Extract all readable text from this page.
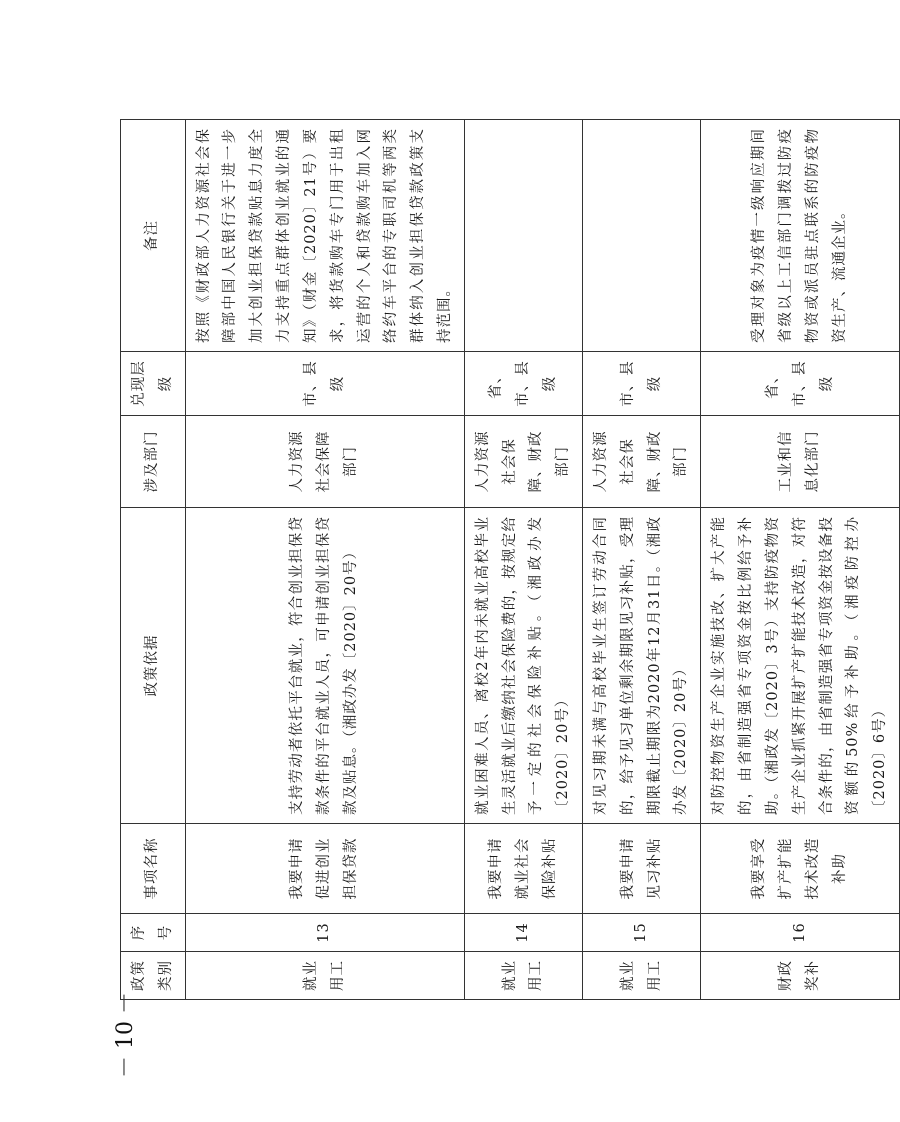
－ 10 －
政策类别	序号	事项名称	政策依据	涉及部门	兑现层级	备注
就业用工	13	我要申请促进创业担保贷款	支持劳动者依托平台就业，符合创业担保贷款条件的平台就业人员，可申请创业担保贷款及贴息。（湘政办发〔2020〕20号）	人力资源社会保障部门	市、县级	按照《财政部人力资源社会保障部中国人民银行关于进一步加大创业担保贷款贴息力度全力支持重点群体创业就业的通知》（财金〔2020〕21号）要求，将货款购车专门用于出租运营的个人和贷款购车加入网络约车平台的专职司机等两类群体纳入创业担保贷款政策支持范围。
就业用工	14	我要申请就业社会保险补贴	就业困难人员、离校2年内未就业高校毕业生灵活就业后缴纳社会保险费的，按规定给予一定的社会保险补贴。（湘政办发〔2020〕20号）	人力资源社会保障、财政部门	省、市、县级	
就业用工	15	我要申请见习补贴	对见习期未满与高校毕业生签订劳动合同的，给予见习单位剩余期限见习补贴，受理期限截止期限为2020年12月31日。（湘政办发〔2020〕20号）	人力资源社会保障、财政部门	市、县级	
财政奖补	16	我要享受扩产扩能技术改造补助	对防控物资生产企业实施技改、扩大产能的，由省制造强省专项资金按比例给予补助。（湘政发〔2020〕3号）支持防疫物资生产企业抓紧开展扩产扩能技术改造，对符合条件的，由省制造强省专项资金按设备投资额的50%给予补助。（湘疫防控办〔2020〕6号）	工业和信息化部门	省、市、县级	受理对象为疫情一级响应期间省级以上工信部门调拨过防疫物资或派员驻点联系的防疫物资生产、流通企业。
